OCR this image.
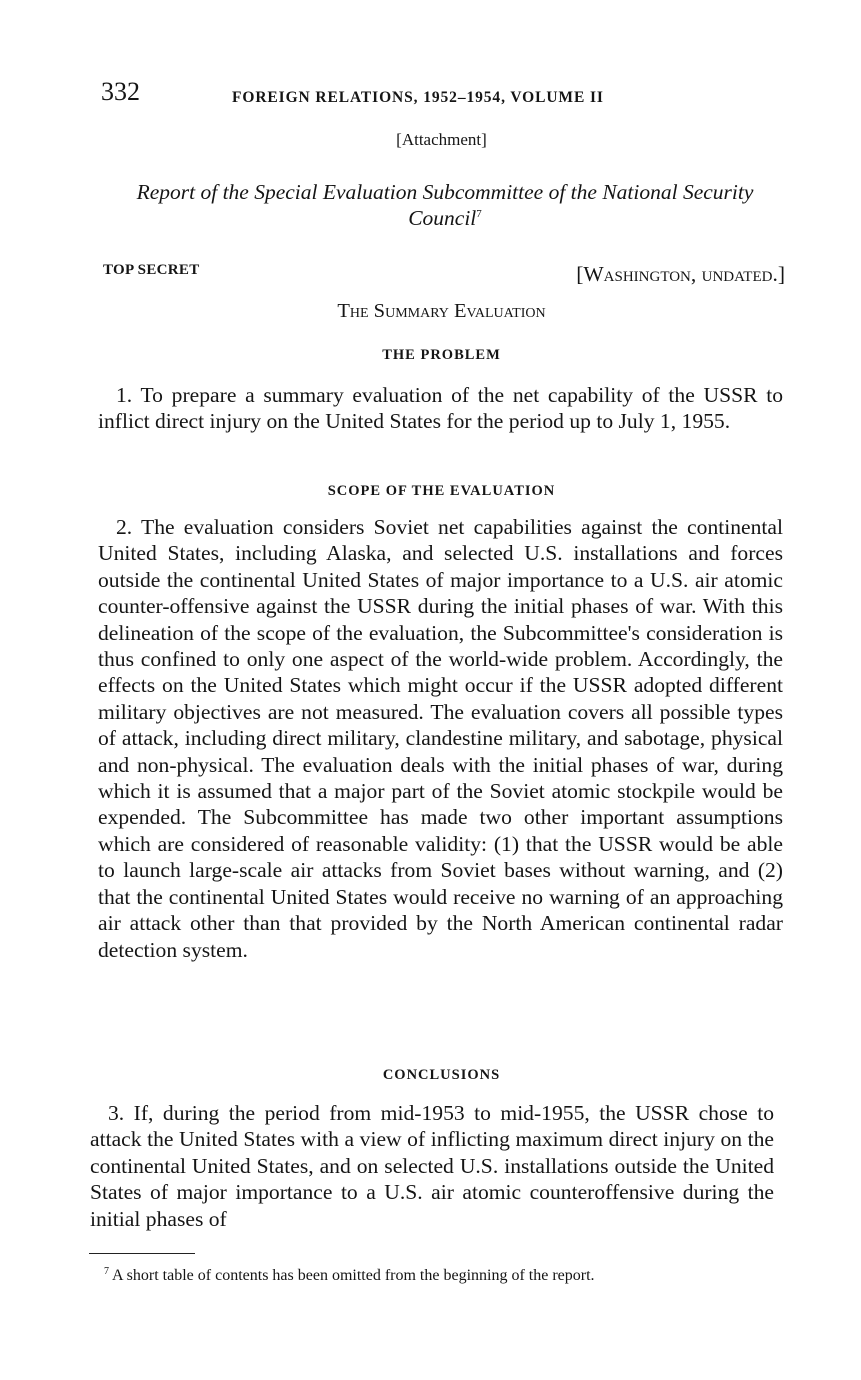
332	FOREIGN RELATIONS, 1952–1954, VOLUME II
[Attachment]
Report of the Special Evaluation Subcommittee of the National Security Council$^7$
TOP SECRET	[Washington, undated.]
The Summary Evaluation
THE PROBLEM

1. To prepare a summary evaluation of the net capability of the USSR to inflict direct injury on the United States for the period up to July 1, 1955.

SCOPE OF THE EVALUATION

2. The evaluation considers Soviet net capabilities against the continental United States, including Alaska, and selected U.S. installations and forces outside the continental United States of major importance to a U.S. air atomic counter-offensive against the USSR during the initial phases of war. With this delineation of the scope of the evaluation, the Subcommittee's consideration is thus confined to only one aspect of the world-wide problem. Accordingly, the effects on the United States which might occur if the USSR adopted different military objectives are not measured. The evaluation covers all possible types of attack, including direct military, clandestine military, and sabotage, physical and non-physical. The evaluation deals with the initial phases of war, during which it is assumed that a major part of the Soviet atomic stockpile would be expended. The Subcommittee has made two other important assumptions which are considered of reasonable validity: (1) that the USSR would be able to launch large-scale air attacks from Soviet bases without warning, and (2) that the continental United States would receive no warning of an approaching air attack other than that provided by the North American continental radar detection system.

CONCLUSIONS

3. If, during the period from mid-1953 to mid-1955, the USSR chose to attack the United States with a view of inflicting maximum direct injury on the continental United States, and on selected U.S. installations outside the United States of major importance to a U.S. air atomic counteroffensive during the initial phases of

$^7$ A short table of contents has been omitted from the beginning of the report.
